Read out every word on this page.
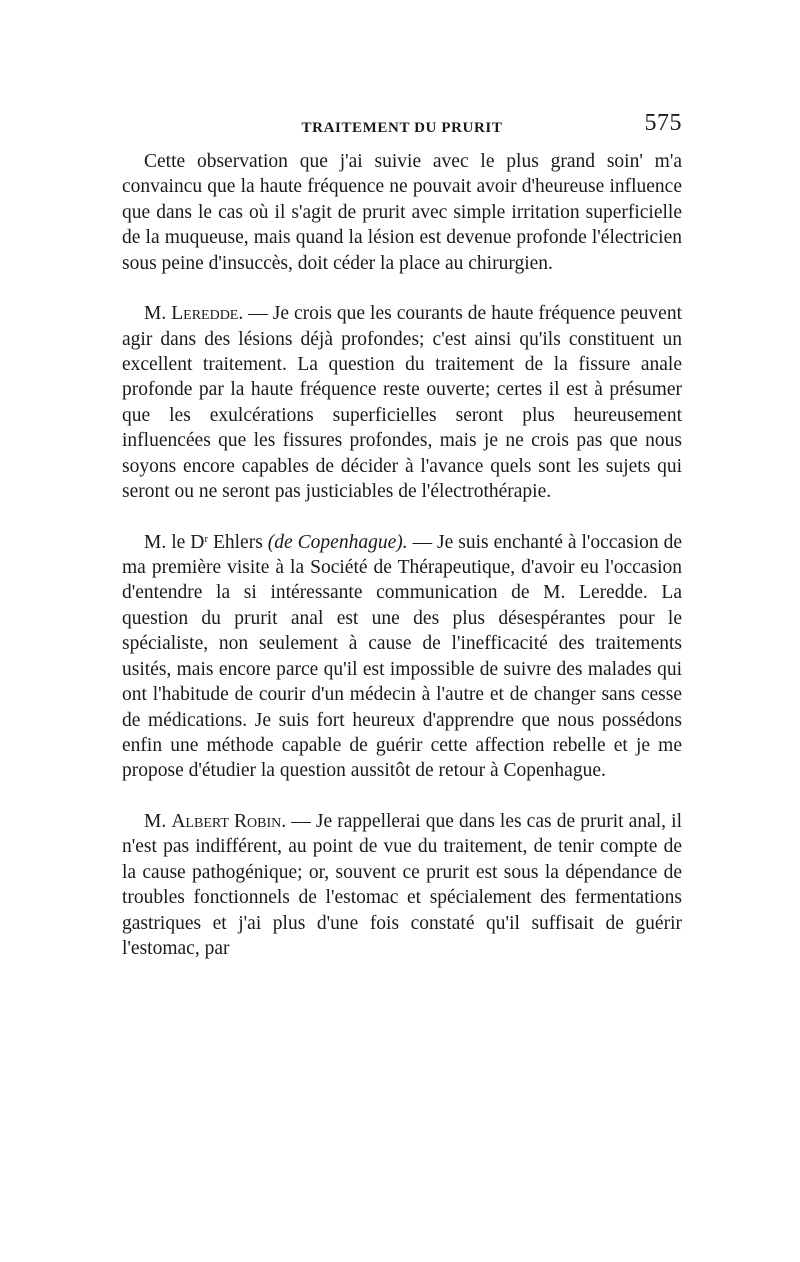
TRAITEMENT DU PRURIT	575

Cette observation que j'ai suivie avec le plus grand soin' m'a convaincu que la haute fréquence ne pouvait avoir d'heureuse influence que dans le cas où il s'agit de prurit avec simple irritation superficielle de la muqueuse, mais quand la lésion est devenue profonde l'électricien sous peine d'insuccès, doit céder la place au chirurgien.

M. Leredde. — Je crois que les courants de haute fréquence peuvent agir dans des lésions déjà profondes; c'est ainsi qu'ils constituent un excellent traitement. La question du traitement de la fissure anale profonde par la haute fréquence reste ouverte; certes il est à présumer que les exulcérations superficielles seront plus heureusement influencées que les fissures profondes, mais je ne crois pas que nous soyons encore capables de décider à l'avance quels sont les sujets qui seront ou ne seront pas justiciables de l'électrothérapie.

M. le $D^r$ Ehlers (de Copenhague). — Je suis enchanté à l'occasion de ma première visite à la Société de Thérapeutique, d'avoir eu l'occasion d'entendre la si intéressante communication de M. Leredde. La question du prurit anal est une des plus désespérantes pour le spécialiste, non seulement à cause de l'inefficacité des traitements usités, mais encore parce qu'il est impossible de suivre des malades qui ont l'habitude de courir d'un médecin à l'autre et de changer sans cesse de médications. Je suis fort heureux d'apprendre que nous possédons enfin une méthode capable de guérir cette affection rebelle et je me propose d'étudier la question aussitôt de retour à Copenhague.

M. Albert Robin. — Je rappellerai que dans les cas de prurit anal, il n'est pas indifférent, au point de vue du traitement, de tenir compte de la cause pathogénique; or, souvent ce prurit est sous la dépendance de troubles fonctionnels de l'estomac et spécialement des fermentations gastriques et j'ai plus d'une fois constaté qu'il suffisait de guérir l'estomac, par
